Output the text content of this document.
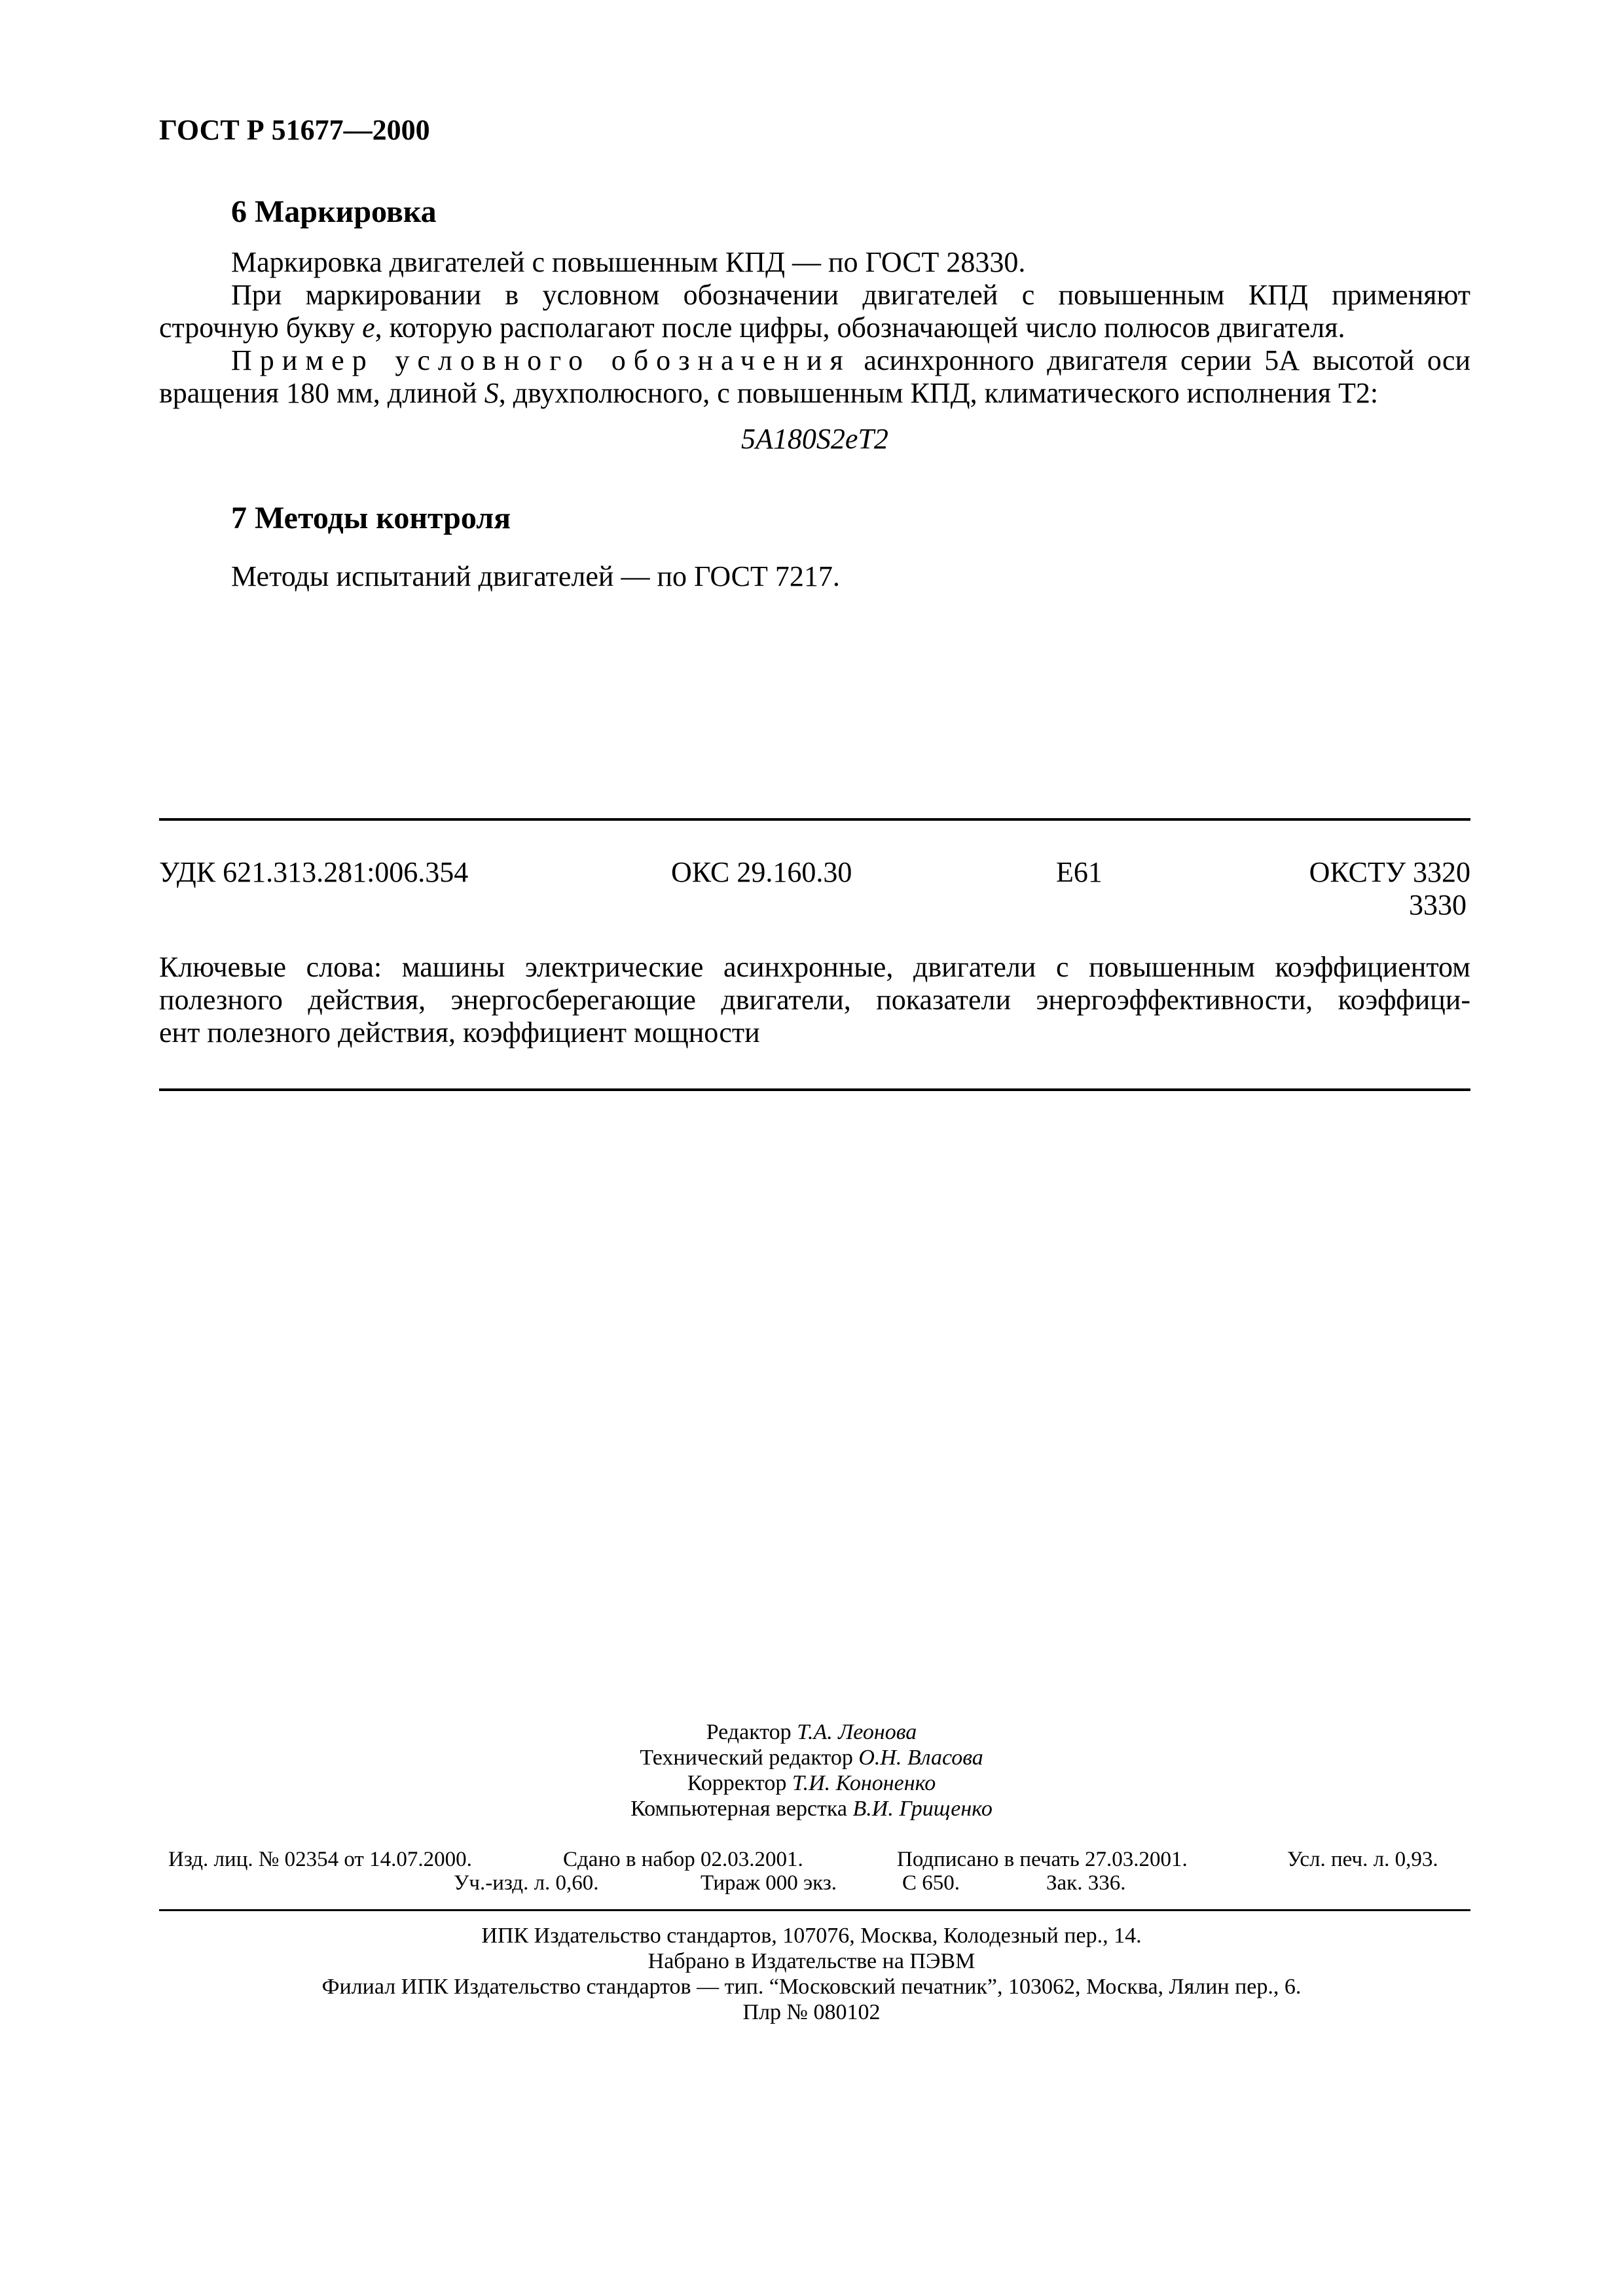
ГОСТ Р 51677—2000
6 Маркировка
Маркировка двигателей с повышенным КПД — по ГОСТ 28330.
При маркировании в условном обозначении двигателей с повышенным КПД применяют
строчную букву е, которую располагают после цифры, обозначающей число полюсов двигателя.
Пример условного обозначения асинхронного двигателя серии 5А высотой оси
вращения 180 мм, длиной S, двухполюсного, с повышенным КПД, климатического исполнения Т2:
5А180S2еТ2
7 Методы контроля
Методы испытаний двигателей — по ГОСТ 7217.
УДК 621.313.281:006.354	ОКС 29.160.30	Е61	ОКСТУ 3320
3330
Ключевые слова: машины электрические асинхронные, двигатели с повышенным коэффициентом
полезного действия, энергосберегающие двигатели, показатели энергоэффективности, коэффици-
ент полезного действия, коэффициент мощности
Редактор Т.А. Леонова
Технический редактор О.Н. Власова
Корректор Т.И. Кононенко
Компьютерная верстка В.И. Грищенко
Изд. лиц. № 02354 от 14.07.2000.	Сдано в набор 02.03.2001.	Подписано в печать 27.03.2001.	Усл. печ. л. 0,93.
Уч.-изд. л. 0,60.	Тираж 000 экз.	С 650.	Зак. 336.
ИПК Издательство стандартов, 107076, Москва, Колодезный пер., 14.
Набрано в Издательстве на ПЭВМ
Филиал ИПК Издательство стандартов — тип. “Московский печатник”, 103062, Москва, Лялин пер., 6.
Плр № 080102
